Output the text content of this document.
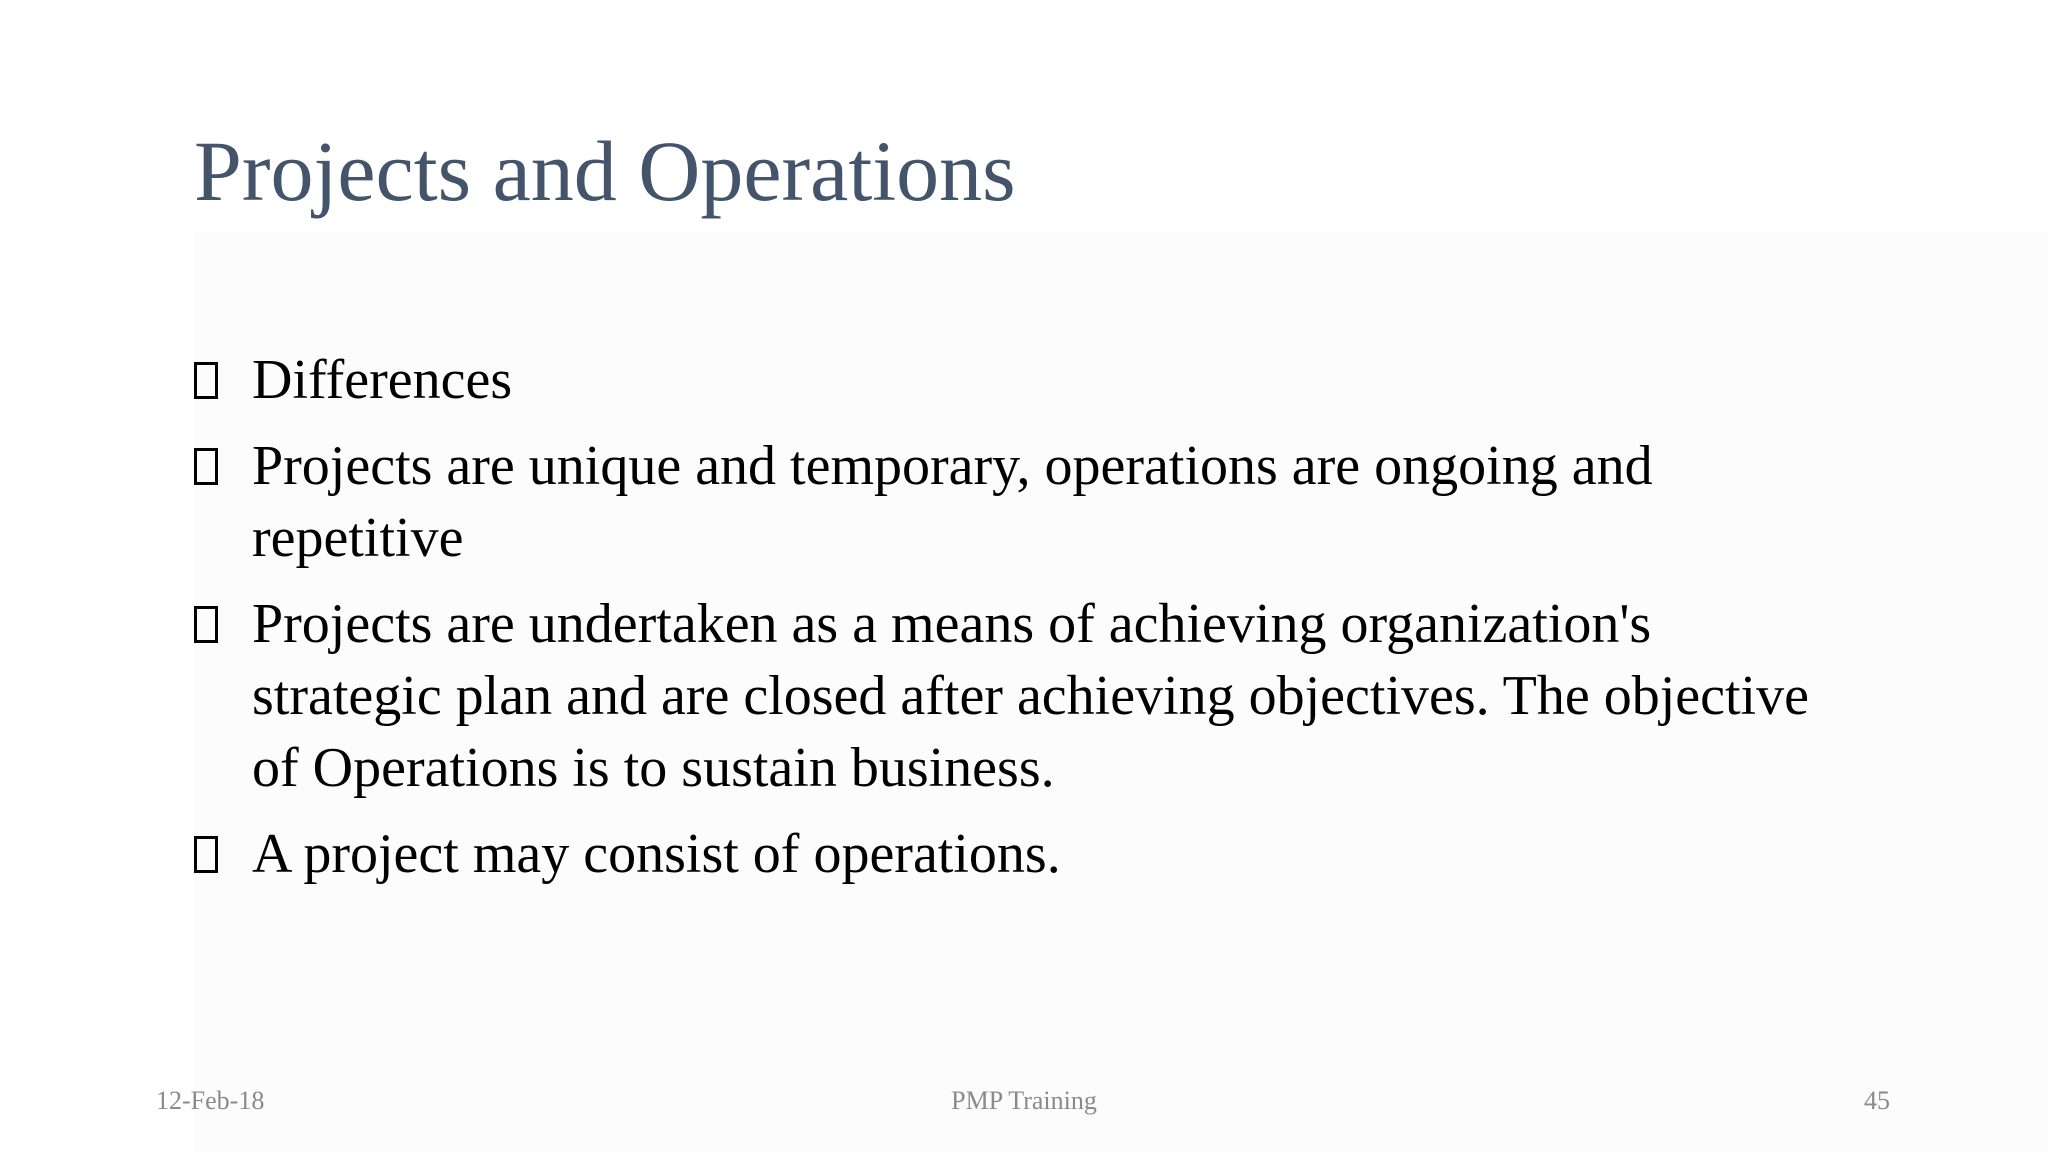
Projects and Operations
Differences
Projects are unique and temporary, operations are ongoing and repetitive
Projects are undertaken as a means of achieving organization's strategic plan and are closed after achieving objectives. The objective of Operations is to sustain business.
A project may consist of operations.
12-Feb-18	PMP Training	45
